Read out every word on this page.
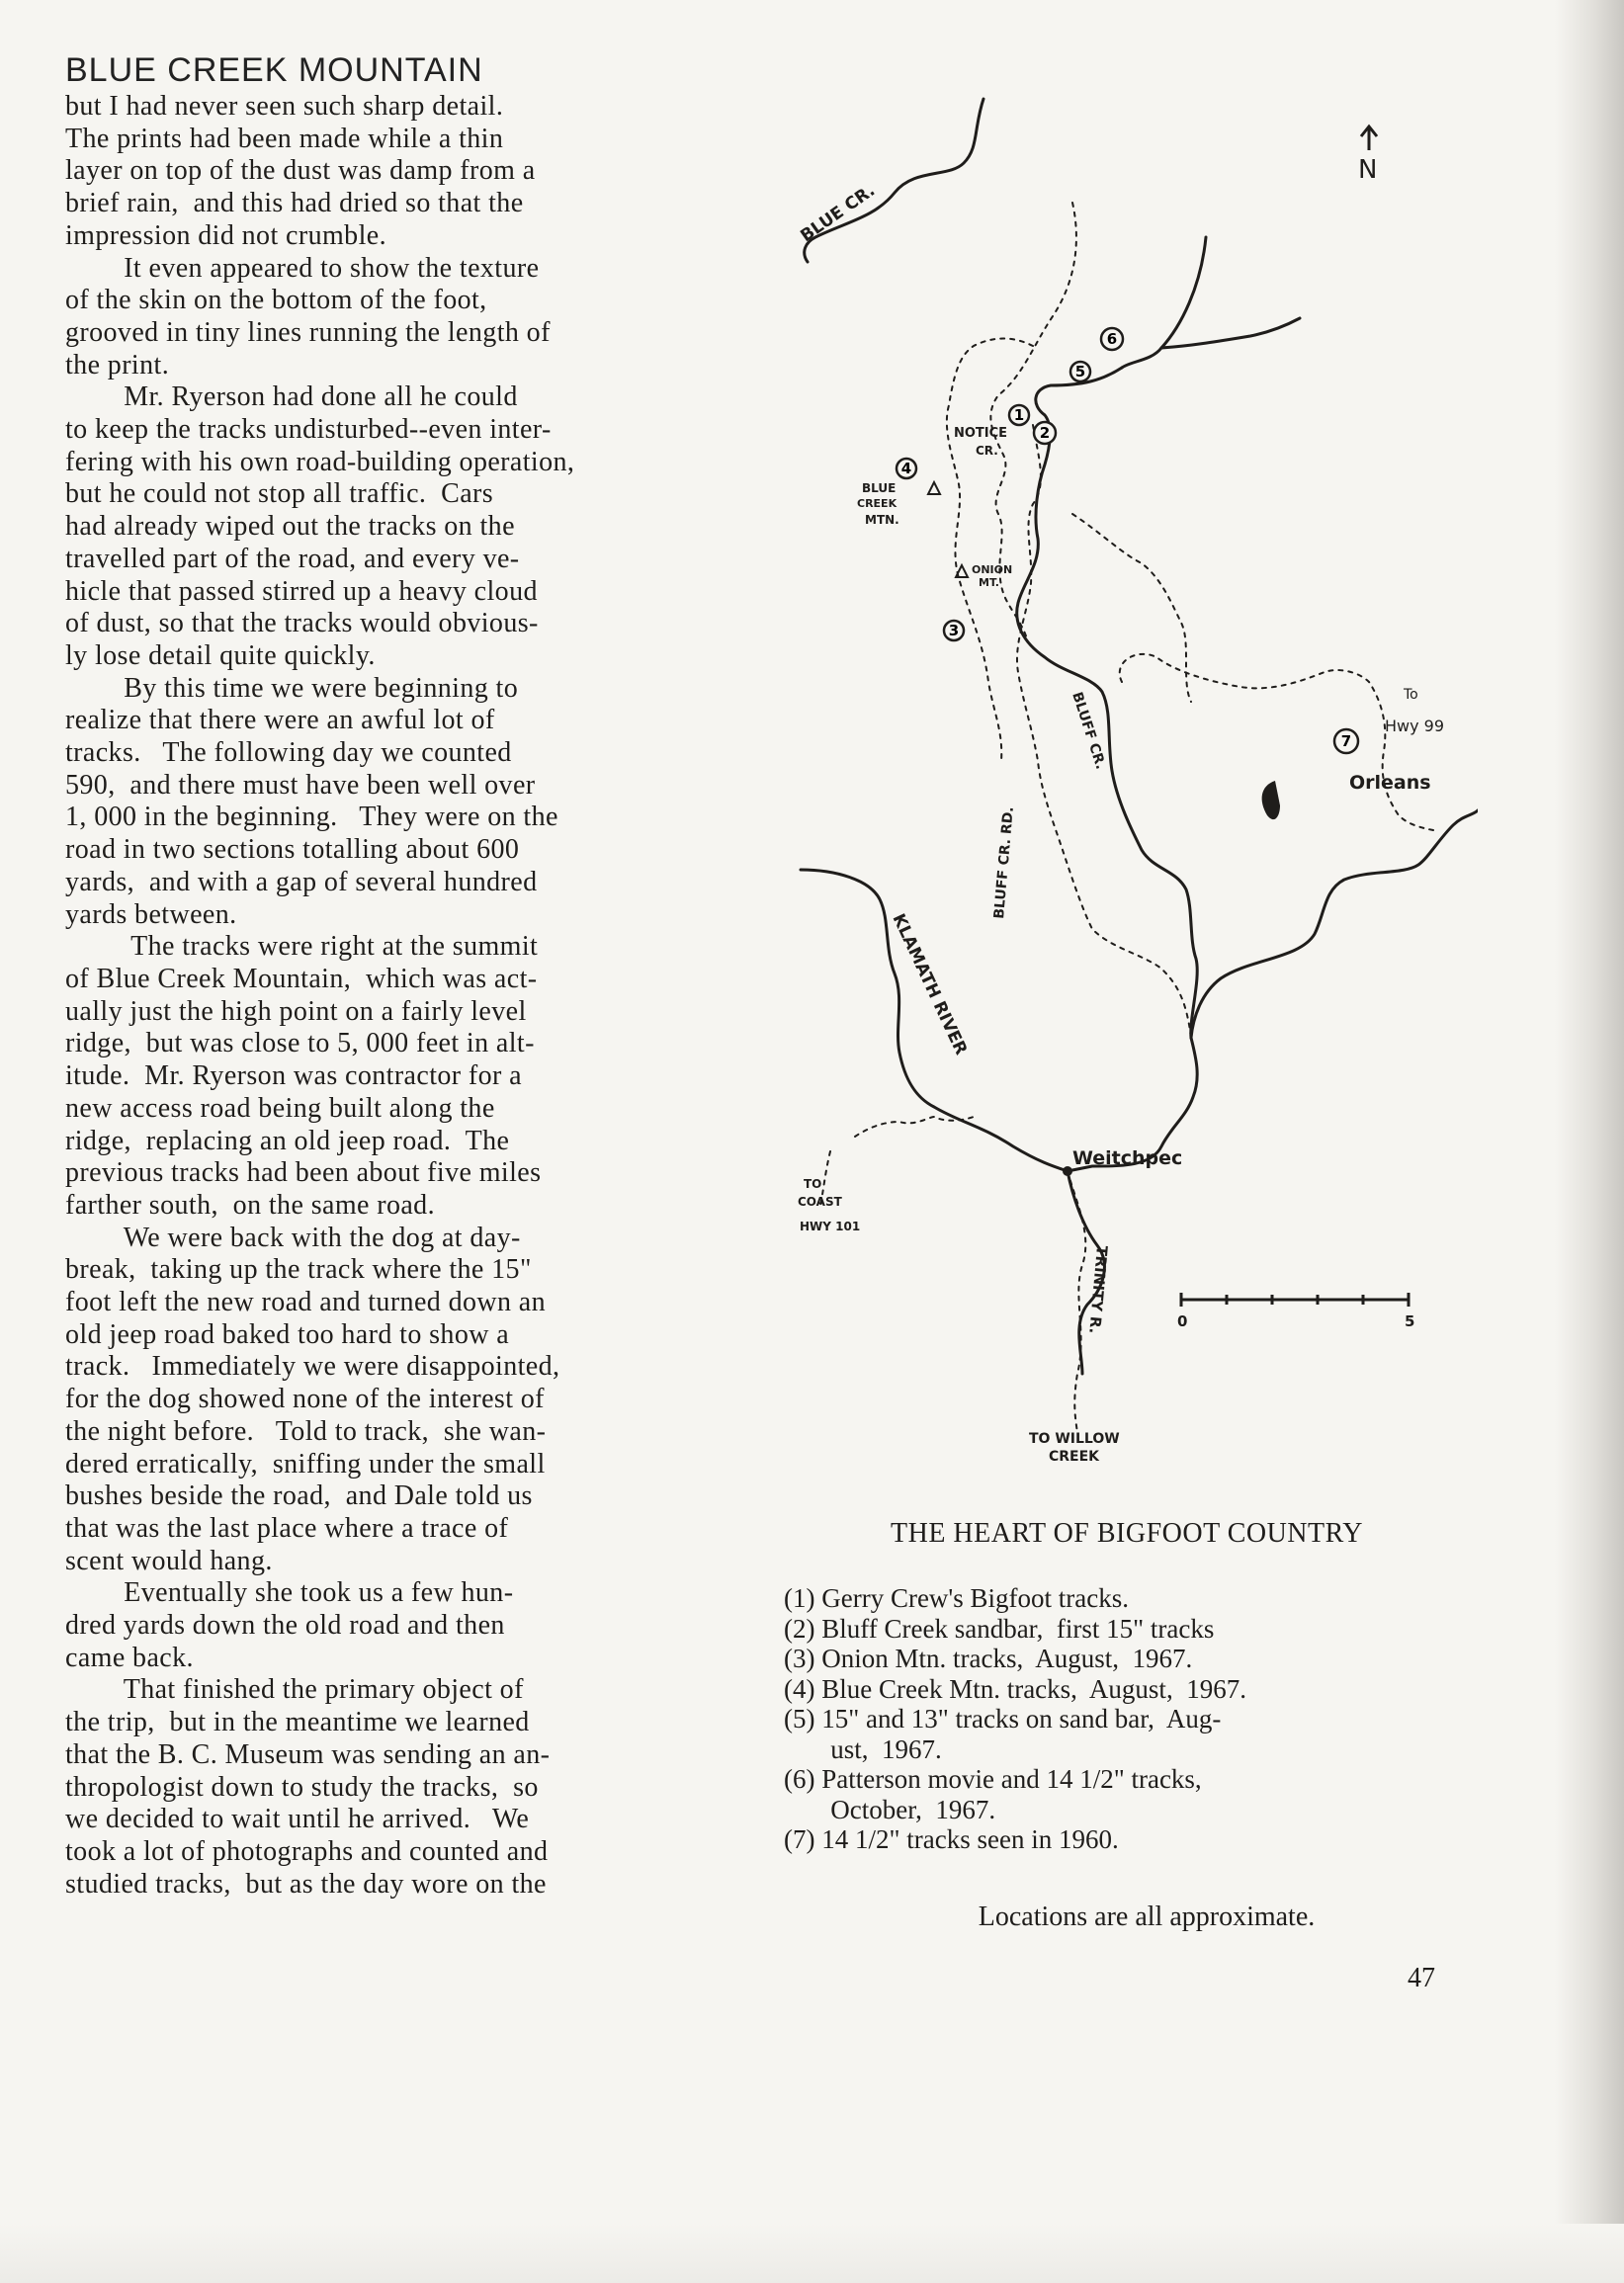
BLUE CREEK MOUNTAIN

but I had never seen such sharp detail.

The prints had been made while a thin

layer on top of the dust was damp from a

brief rain,  and this had dried so that the

impression did not crumble.

It even appeared to show the texture

of the skin on the bottom of the foot,

grooved in tiny lines running the length of

the print.

Mr. Ryerson had done all he could

to keep the tracks undisturbed--even inter-

fering with his own road-building operation,

but he could not stop all traffic.  Cars

had already wiped out the tracks on the

travelled part of the road, and every ve-

hicle that passed stirred up a heavy cloud

of dust, so that the tracks would obvious-

ly lose detail quite quickly.

By this time we were beginning to

realize that there were an awful lot of

tracks.   The following day we counted

590,  and there must have been well over

1, 000 in the beginning.   They were on the

road in two sections totalling about 600

yards,  and with a gap of several hundred

yards between.

The tracks were right at the summit

of Blue Creek Mountain,  which was act-

ually just the high point on a fairly level

ridge,  but was close to 5, 000 feet in alt-

itude.  Mr. Ryerson was contractor for a

new access road being built along the

ridge,  replacing an old jeep road.  The

previous tracks had been about five miles

farther south,  on the same road.

We were back with the dog at day-

break,  taking up the track where the 15"

foot left the new road and turned down an

old jeep road baked too hard to show a

track.   Immediately we were disappointed,

for the dog showed none of the interest of

the night before.   Told to track,  she wan-

dered erratically,  sniffing under the small

bushes beside the road,  and Dale told us

that was the last place where a trace of

scent would hang.

Eventually she took us a few hun-

dred yards down the old road and then

came back.

That finished the primary object of

the trip,  but in the meantime we learned

that the B. C. Museum was sending an an-

thropologist down to study the tracks,  so

we decided to wait until he arrived.   We

took a lot of photographs and counted and

studied tracks,  but as the day wore on the

N
0	5
1
2
3
4
5
6
7
BLUE CR.
NOTICE
CR.
BLUE
CREEK
MTN.
ONION
MT.
BLUFF CR.
BLUFF CR. RD.
To
Hwy 99
Orleans
KLAMATH RIVER
Weitchpec
TO
COAST
HWY 101
TRINITY R.
TO WILLOW
CREEK

THE HEART OF BIGFOOT COUNTRY

(1) Gerry Crew's Bigfoot tracks.
(2) Bluff Creek sandbar,  first 15" tracks
(3) Onion Mtn. tracks,  August,  1967.
(4) Blue Creek Mtn. tracks,  August,  1967.
(5) 15" and 13" tracks on sand bar,  Aug-
ust,  1967.
(6) Patterson movie and 14 1/2" tracks,
October,  1967.
(7) 14 1/2" tracks seen in 1960.

Locations are all approximate.

47
